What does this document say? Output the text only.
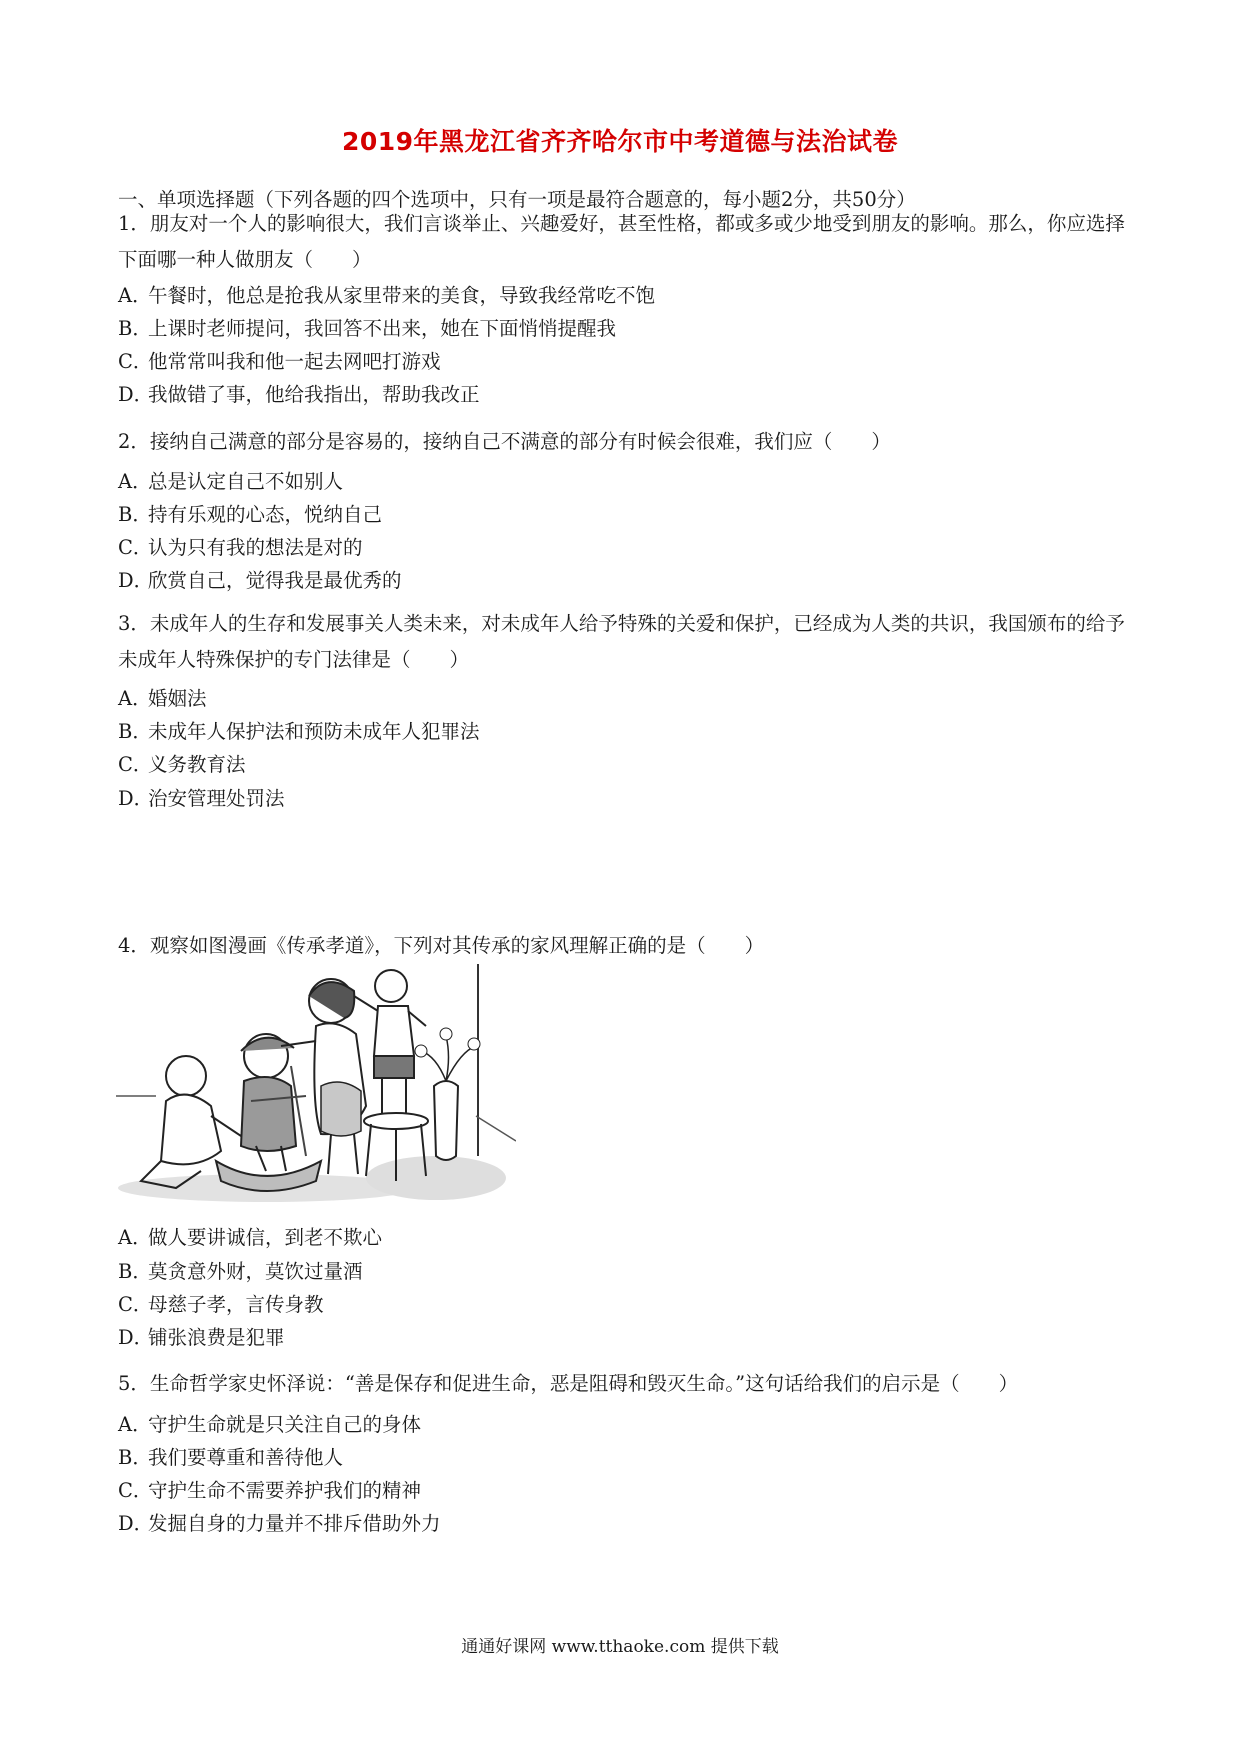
2019年黑龙江省齐齐哈尔市中考道德与法治试卷
一、单项选择题（下列各题的四个选项中，只有一项是最符合题意的，每小题2分，共50分）
1．朋友对一个人的影响很大，我们言谈举止、兴趣爱好，甚至性格，都或多或少地受到朋友的影响。那么，你应选择下面哪一种人做朋友（　　）
A．午餐时，他总是抢我从家里带来的美食，导致我经常吃不饱
B．上课时老师提问，我回答不出来，她在下面悄悄提醒我
C．他常常叫我和他一起去网吧打游戏
D．我做错了事，他给我指出，帮助我改正
2．接纳自己满意的部分是容易的，接纳自己不满意的部分有时候会很难，我们应（　　）
A．总是认定自己不如别人
B．持有乐观的心态，悦纳自己
C．认为只有我的想法是对的
D．欣赏自己，觉得我是最优秀的
3．未成年人的生存和发展事关人类未来，对未成年人给予特殊的关爱和保护，已经成为人类的共识，我国颁布的给予未成年人特殊保护的专门法律是（　　）
A．婚姻法
B．未成年人保护法和预防未成年人犯罪法
C．义务教育法
D．治安管理处罚法
4．观察如图漫画《传承孝道》，下列对其传承的家风理解正确的是（　　）
A．做人要讲诚信，到老不欺心
B．莫贪意外财，莫饮过量酒
C．母慈子孝，言传身教
D．铺张浪费是犯罪
5．生命哲学家史怀泽说：“善是保存和促进生命，恶是阻碍和毁灭生命。”这句话给我们的启示是（　　）
A．守护生命就是只关注自己的身体
B．我们要尊重和善待他人
C．守护生命不需要养护我们的精神
D．发掘自身的力量并不排斥借助外力
通通好课网 www.tthaoke.com 提供下载
